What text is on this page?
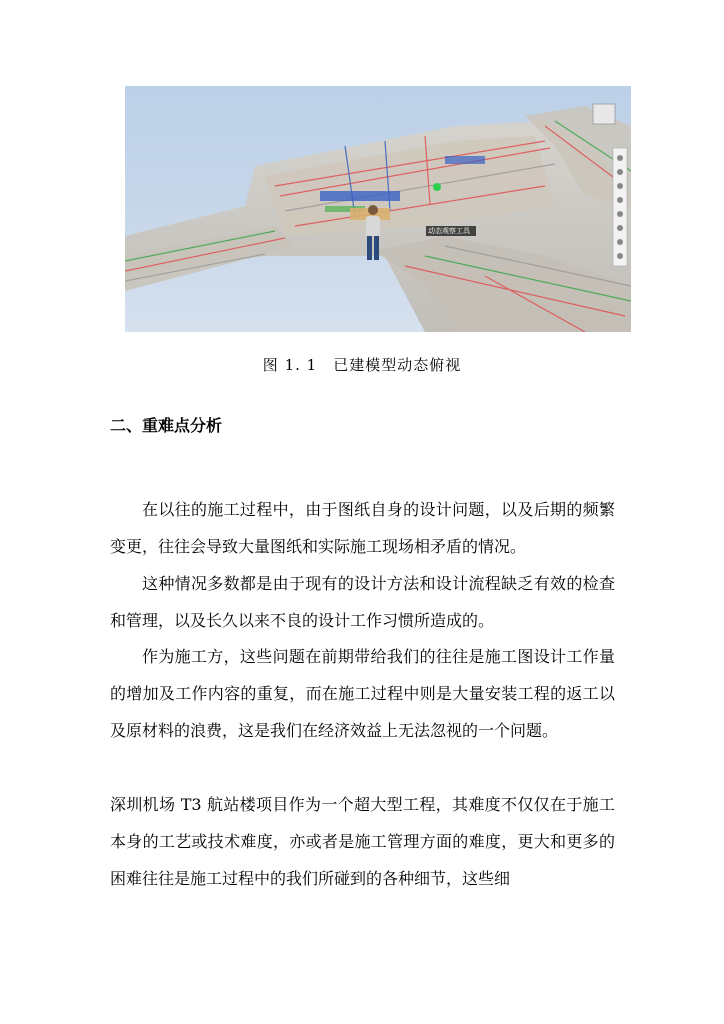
动态观察工具
图 1. 1　已建模型动态俯视
二、重难点分析
在以往的施工过程中，由于图纸自身的设计问题，以及后期的频繁变更，往往会导致大量图纸和实际施工现场相矛盾的情况。
这种情况多数都是由于现有的设计方法和设计流程缺乏有效的检查和管理，以及长久以来不良的设计工作习惯所造成的。
作为施工方，这些问题在前期带给我们的往往是施工图设计工作量的增加及工作内容的重复，而在施工过程中则是大量安装工程的返工以及原材料的浪费，这是我们在经济效益上无法忽视的一个问题。
深圳机场 T3 航站楼项目作为一个超大型工程，其难度不仅仅在于施工本身的工艺或技术难度，亦或者是施工管理方面的难度，更大和更多的困难往往是施工过程中的我们所碰到的各种细节，这些细
